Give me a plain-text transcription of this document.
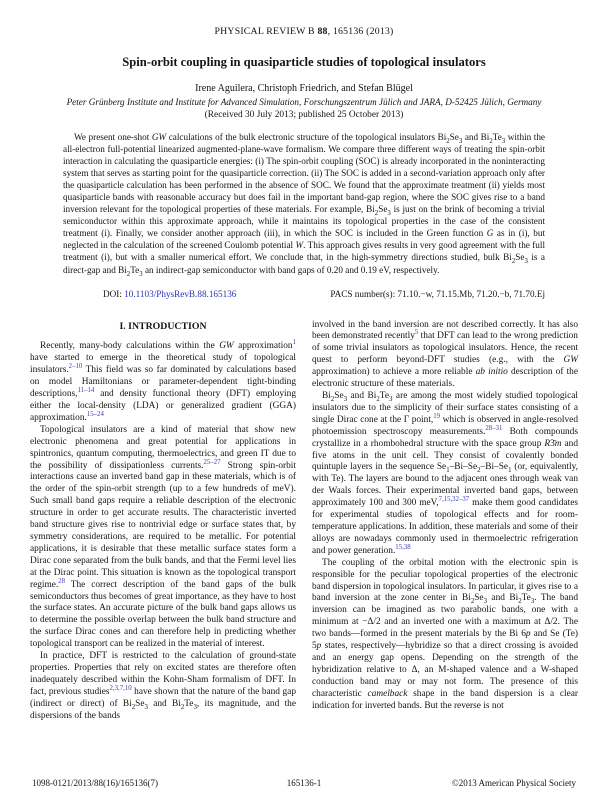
PHYSICAL REVIEW B 88, 165136 (2013)
Spin-orbit coupling in quasiparticle studies of topological insulators
Irene Aguilera, Christoph Friedrich, and Stefan Blügel
Peter Grünberg Institute and Institute for Advanced Simulation, Forschungszentrum Jülich and JARA, D-52425 Jülich, Germany
(Received 30 July 2013; published 25 October 2013)
We present one-shot GW calculations of the bulk electronic structure of the topological insulators $Bi_2Se_3$ and $Bi_2Te_3$ within the all-electron full-potential linearized augmented-plane-wave formalism. We compare three different ways of treating the spin-orbit interaction in calculating the quasiparticle energies: (i) The spin-orbit coupling (SOC) is already incorporated in the noninteracting system that serves as starting point for the quasiparticle correction. (ii) The SOC is added in a second-variation approach only after the quasiparticle calculation has been performed in the absence of SOC. We found that the approximate treatment (ii) yields most quasiparticle bands with reasonable accuracy but does fail in the important band-gap region, where the SOC gives rise to a band inversion relevant for the topological properties of these materials. For example, $Bi_2Se_3$ is just on the brink of becoming a trivial semiconductor within this approximate approach, while it maintains its topological properties in the case of the consistent treatment (i). Finally, we consider another approach (iii), in which the SOC is included in the Green function G as in (i), but neglected in the calculation of the screened Coulomb potential W. This approach gives results in very good agreement with the full treatment (i), but with a smaller numerical effort. We conclude that, in the high-symmetry directions studied, bulk $Bi_2Se_3$ is a direct-gap and $Bi_2Te_3$ an indirect-gap semiconductor with band gaps of 0.20 and 0.19 eV, respectively.
DOI: 10.1103/PhysRevB.88.165136	PACS number(s): 71.10.−w, 71.15.Mb, 71.20.−b, 71.70.Ej
I. INTRODUCTION

Recently, many-body calculations within the GW approximation$^1$ have started to emerge in the theoretical study of topological insulators.$^{2-10}$ This field was so far dominated by calculations based on model Hamiltonians or parameter-dependent tight-binding descriptions,$^{11-14}$ and density functional theory (DFT) employing either the local-density (LDA) or generalized gradient (GGA) approximation.$^{15-24}$

Topological insulators are a kind of material that show new electronic phenomena and great potential for applications in spintronics, quantum computing, thermoelectrics, and green IT due to the possibility of dissipationless currents.$^{25-27}$ Strong spin-orbit interactions cause an inverted band gap in these materials, which is of the order of the spin-orbit strength (up to a few hundreds of meV). Such small band gaps require a reliable description of the electronic structure in order to get accurate results. The characteristic inverted band structure gives rise to nontrivial edge or surface states that, by symmetry considerations, are required to be metallic. For potential applications, it is desirable that these metallic surface states form a Dirac cone separated from the bulk bands, and that the Fermi level lies at the Dirac point. This situation is known as the topological transport regime.$^{28}$ The correct description of the band gaps of the bulk semiconductors thus becomes of great importance, as they have to host the surface states. An accurate picture of the bulk band gaps allows us to determine the possible overlap between the bulk band structure and the surface Dirac cones and can therefore help in predicting whether topological transport can be realized in the material of interest.

In practice, DFT is restricted to the calculation of ground-state properties. Properties that rely on excited states are therefore often inadequately described within the Kohn-Sham formalism of DFT. In fact, previous studies$^{2,3,7,10}$ have shown that the nature of the band gap (indirect or direct) of $Bi_2Se_3$ and $Bi_2Te_3$, its magnitude, and the dispersions of the bands

involved in the band inversion are not described correctly. It has also been demonstrated recently$^5$ that DFT can lead to the wrong prediction of some trivial insulators as topological insulators. Hence, the recent quest to perform beyond-DFT studies (e.g., with the GW approximation) to achieve a more reliable ab initio description of the electronic structure of these materials.

$Bi_2Se_3$ and $Bi_2Te_3$ are among the most widely studied topological insulators due to the simplicity of their surface states consisting of a single Dirac cone at the Γ point,$^{19}$ which is observed in angle-resolved photoemission spectroscopy measurements.$^{28-31}$ Both compounds crystallize in a rhombohedral structure with the space group R3̄m and five atoms in the unit cell. They consist of covalently bonded quintuple layers in the sequence $Se_1-Bi-Se_2-Bi-Se_1$ (or, equivalently, with Te). The layers are bound to the adjacent ones through weak van der Waals forces. Their experimental inverted band gaps, between approximately 100 and 300 meV,$^{7,15,32-37}$ make them good candidates for experimental studies of topological effects and for room-temperature applications. In addition, these materials and some of their alloys are nowadays commonly used in thermoelectric refrigeration and power generation.$^{15,38}$

The coupling of the orbital motion with the electronic spin is responsible for the peculiar topological properties of the electronic band dispersion in topological insulators. In particular, it gives rise to a band inversion at the zone center in $Bi_2Se_3$ and $Bi_2Te_3$. The band inversion can be imagined as two parabolic bands, one with a minimum at −Δ/2 and an inverted one with a maximum at Δ/2. The two bands—formed in the present materials by the Bi 6p and Se (Te) 5p states, respectively—hybridize so that a direct crossing is avoided and an energy gap opens. Depending on the strength of the hybridization relative to Δ, an M-shaped valence and a W-shaped conduction band may or may not form. The presence of this characteristic camelback shape in the band dispersion is a clear indication for inverted bands. But the reverse is not

1098-0121/2013/88(16)/165136(7)	165136-1	©2013 American Physical Society
